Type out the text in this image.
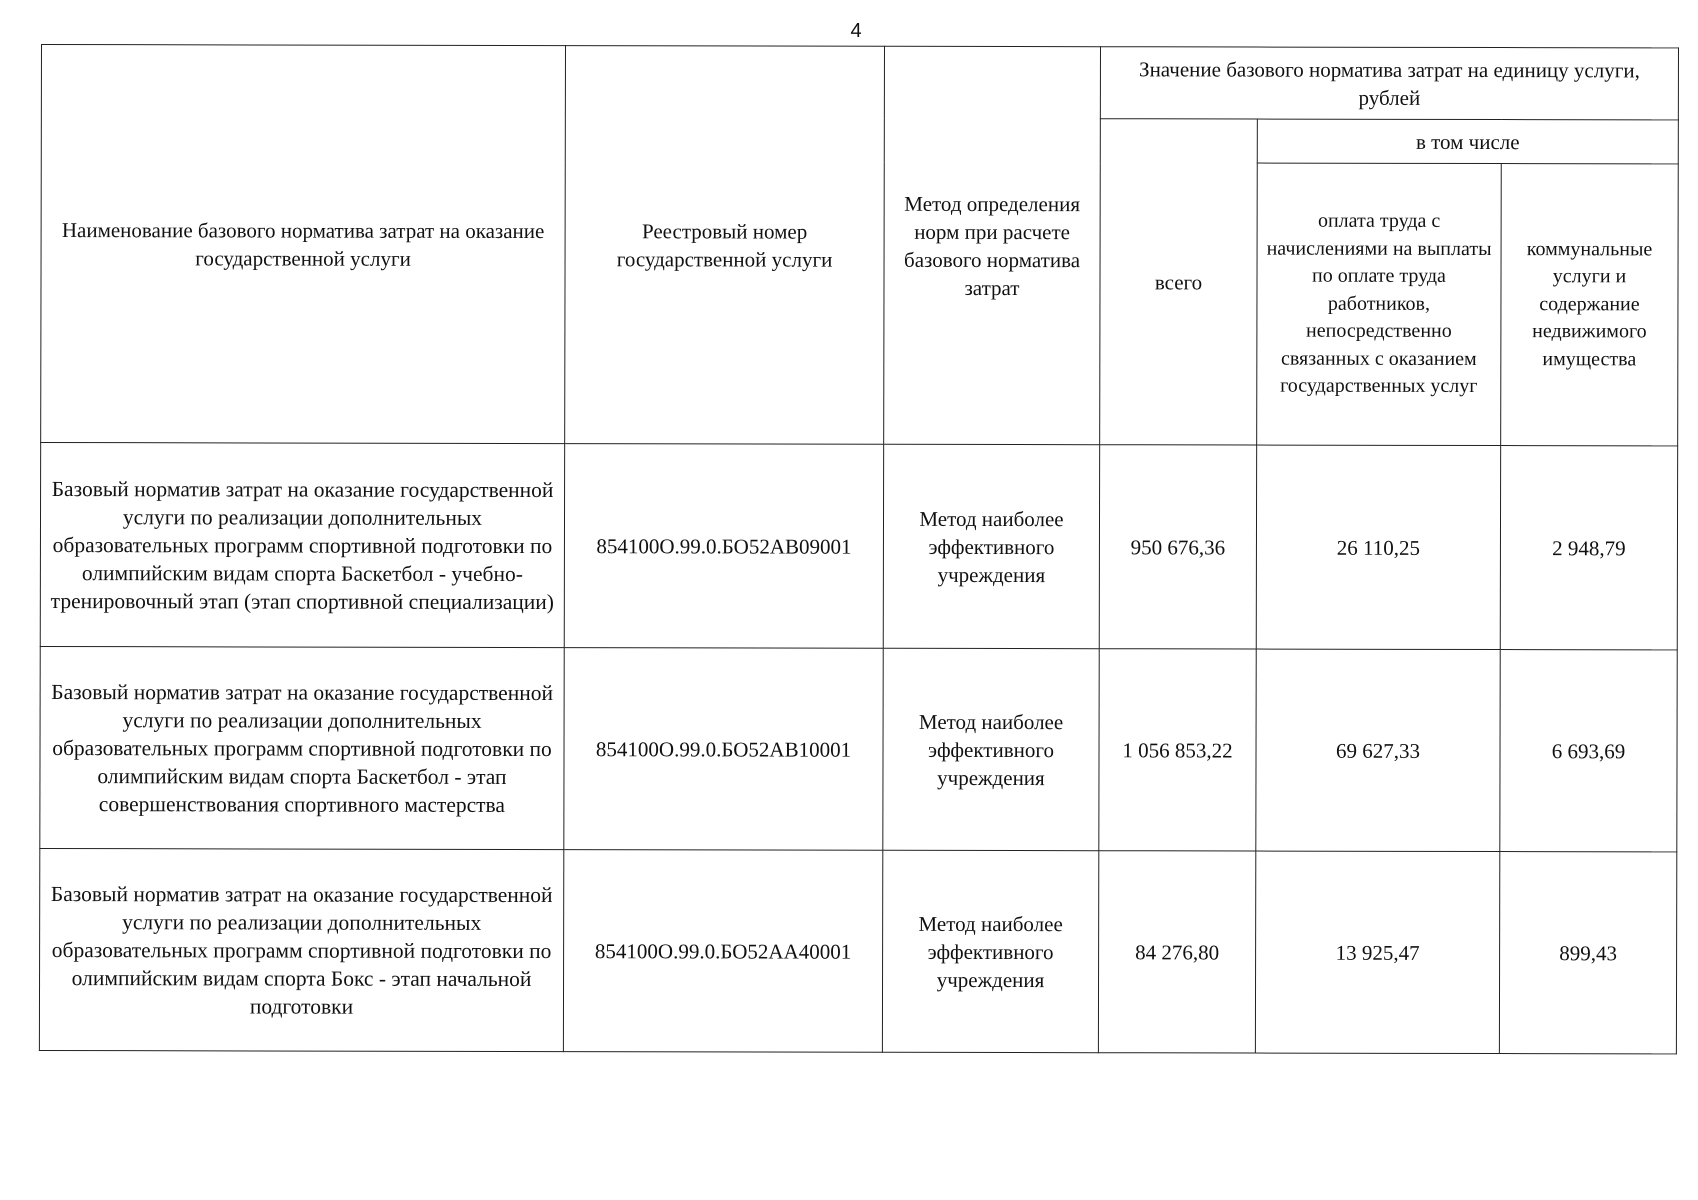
4
Наименование базового норматива затрат на оказание государственной услуги	Реестровый номер государственной услуги	Метод определения норм при расчете базового норматива затрат	Значение базового норматива затрат на единицу услуги, рублей		
			всего	в том числе	
				оплата труда с начислениями на выплаты по оплате труда работников, непосредственно связанных с оказанием государственных услуг	коммунальные услуги и содержание недвижимого имущества
Базовый норматив затрат на оказание государственной услуги по реализации дополнительных образовательных программ спортивной подготовки по олимпийским видам спорта Баскетбол - учебно-тренировочный этап (этап спортивной специализации)	854100О.99.0.БО52АВ09001	Метод наиболее эффективного учреждения	950 676,36	26 110,25	2 948,79
Базовый норматив затрат на оказание государственной услуги по реализации дополнительных образовательных программ спортивной подготовки по олимпийским видам спорта Баскетбол - этап совершенствования спортивного мастерства	854100О.99.0.БО52АВ10001	Метод наиболее эффективного учреждения	1 056 853,22	69 627,33	6 693,69
Базовый норматив затрат на оказание государственной услуги по реализации дополнительных образовательных программ спортивной подготовки по олимпийским видам спорта Бокс - этап начальной подготовки	854100О.99.0.БО52АА40001	Метод наиболее эффективного учреждения	84 276,80	13 925,47	899,43
